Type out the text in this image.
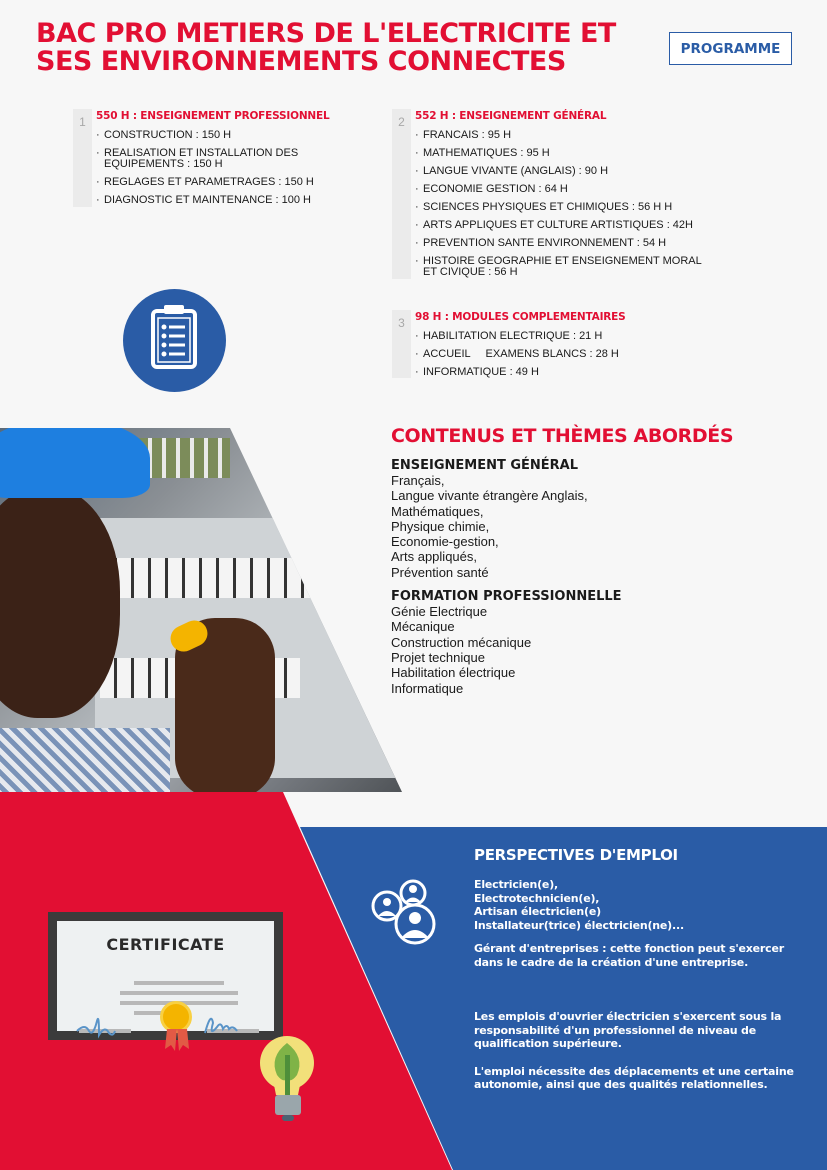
BAC PRO METIERS DE L'ELECTRICITE ET
SES ENVIRONNEMENTS CONNECTES	PROGRAMME
1 550 H : ENSEIGNEMENT PROFESSIONNEL
· CONSTRUCTION : 150 H
· REALISATION ET INSTALLATION DES EQUIPEMENTS : 150 H
· REGLAGES ET PARAMETRAGES : 150 H
· DIAGNOSTIC ET MAINTENANCE : 100 H
2 552 H : ENSEIGNEMENT GÉNÉRAL
· FRANCAIS : 95 H
· MATHEMATIQUES : 95 H
· LANGUE VIVANTE (ANGLAIS) : 90 H
· ECONOMIE GESTION : 64 H
· SCIENCES PHYSIQUES ET CHIMIQUES : 56 H H
· ARTS APPLIQUES ET CULTURE ARTISTIQUES : 42H
· PREVENTION SANTE ENVIRONNEMENT : 54 H
· HISTOIRE GEOGRAPHIE ET ENSEIGNEMENT MORAL ET CIVIQUE : 56 H
3 98 H : MODULES COMPLEMENTAIRES
· HABILITATION ELECTRIQUE : 21 H
· ACCUEIL     EXAMENS BLANCS : 28 H
· INFORMATIQUE : 49 H
CONTENUS ET THÈMES ABORDÉS
ENSEIGNEMENT GÉNÉRAL
Français,
Langue vivante étrangère Anglais,
Mathématiques,
Physique chimie,
Economie-gestion,
Arts appliqués,
Prévention santé
FORMATION PROFESSIONNELLE
Génie Electrique
Mécanique
Construction mécanique
Projet technique
Habilitation électrique
Informatique
PERSPECTIVES D'EMPLOI

Electricien(e),

Electrotechnicien(e),

Artisan électricien(e)

Installateur(trice) électricien(ne)...

Gérant d'entreprises : cette fonction peut s'exercer dans le cadre de la création d'une entreprise.

Les emplois d'ouvrier électricien s'exercent sous la responsabilité d'un professionnel de niveau de qualification supérieure.

L'emploi nécessite des déplacements et une certaine autonomie, ainsi que des qualités relationnelles.

CERTIFICATE
